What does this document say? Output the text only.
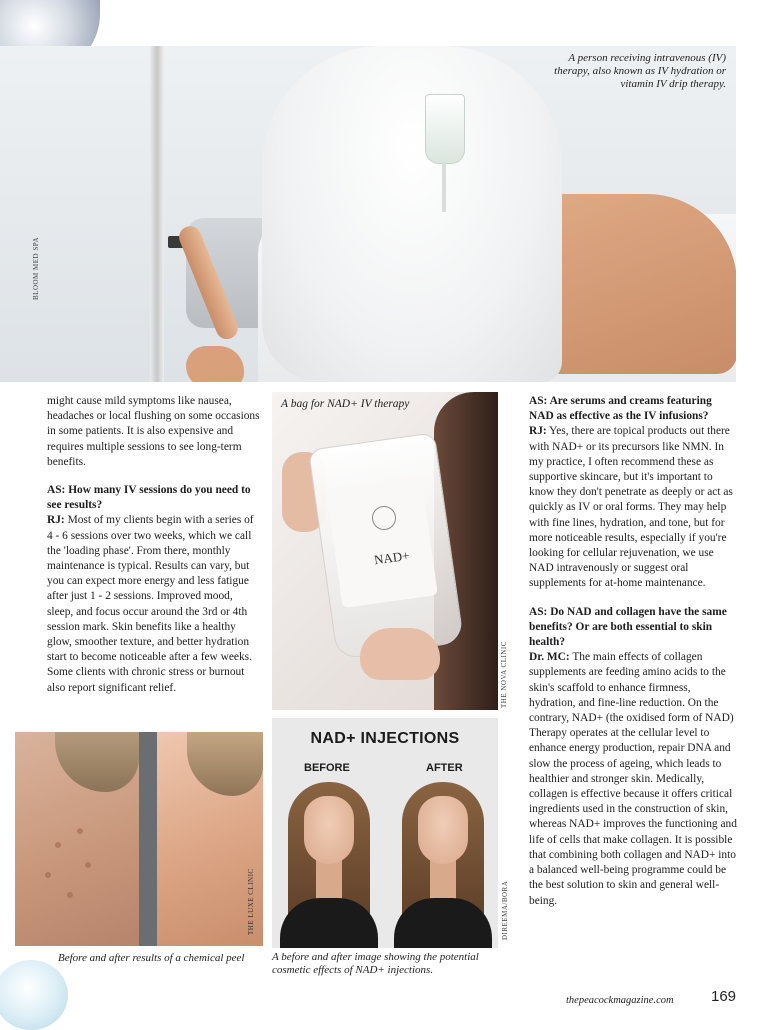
BLOOM MED SPA
A person receiving intravenous (IV) therapy, also known as IV hydration or vitamin IV drip therapy.

might cause mild symptoms like nausea, headaches or local flushing on some occasions in some patients. It is also expensive and requires multiple sessions to see long-term benefits.

AS: How many IV sessions do you need to see results?

RJ: Most of my clients begin with a series of 4 - 6 sessions over two weeks, which we call the 'loading phase'. From there, monthly maintenance is typical. Results can vary, but you can expect more energy and less fatigue after just 1 - 2 sessions. Improved mood, sleep, and focus occur around the 3rd or 4th session mark. Skin benefits like a healthy glow, smoother texture, and better hydration start to become noticeable after a few weeks. Some clients with chronic stress or burnout also report significant relief.

NAD+
A bag for NAD+ IV therapy
THE NOVA CLINIC
NAD+ INJECTIONS
BEFORE	AFTER
A before and after image showing the potential cosmetic effects of NAD+ injections.
DIREEMA/BORA
THE LUXE CLINIC
Before and after results of a chemical peel

AS: Are serums and creams featuring NAD as effective as the IV infusions?

RJ: Yes, there are topical products out there with NAD+ or its precursors like NMN. In my practice, I often recommend these as supportive skincare, but it's important to know they don't penetrate as deeply or act as quickly as IV or oral forms. They may help with fine lines, hydration, and tone, but for more noticeable results, especially if you're looking for cellular rejuvenation, we use NAD intravenously or suggest oral supplements for at-home maintenance.

AS: Do NAD and collagen have the same benefits? Or are both essential to skin health?

Dr. MC: The main effects of collagen supplements are feeding amino acids to the skin's scaffold to enhance firmness, hydration, and fine-line reduction. On the contrary, NAD+ (the oxidised form of NAD) Therapy operates at the cellular level to enhance energy production, repair DNA and slow the process of ageing, which leads to healthier and stronger skin. Medically, collagen is effective because it offers critical ingredients used in the construction of skin, whereas NAD+ improves the functioning and life of cells that make collagen. It is possible that combining both collagen and NAD+ into a balanced well-being programme could be the best solution to skin and general well-being.

thepeacockmagazine.com 169
